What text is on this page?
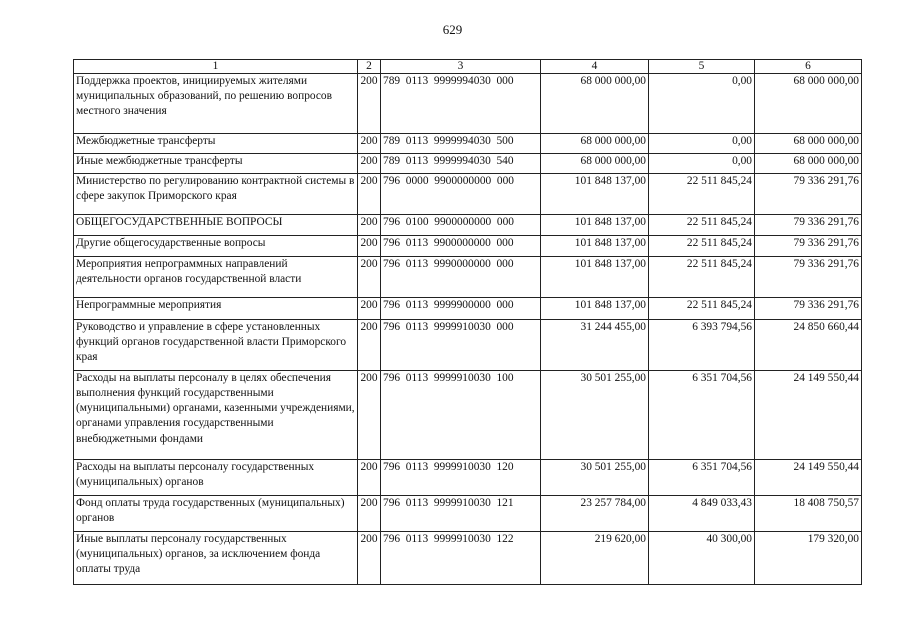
629
1	2	3	4	5	6
Поддержка проектов, инициируемых жителями муниципальных образований, по решению вопросов местного значения	200	789  0113  9999994030  000	68 000 000,00	0,00	68 000 000,00
Межбюджетные трансферты	200	789  0113  9999994030  500	68 000 000,00	0,00	68 000 000,00
Иные межбюджетные трансферты	200	789  0113  9999994030  540	68 000 000,00	0,00	68 000 000,00
Министерство по регулированию контрактной системы в сфере закупок Приморского края	200	796  0000  9900000000  000	101 848 137,00	22 511 845,24	79 336 291,76
ОБЩЕГОСУДАРСТВЕННЫЕ ВОПРОСЫ	200	796  0100  9900000000  000	101 848 137,00	22 511 845,24	79 336 291,76
Другие общегосударственные вопросы	200	796  0113  9900000000  000	101 848 137,00	22 511 845,24	79 336 291,76
Мероприятия непрограммных направлений деятельности органов государственной власти	200	796  0113  9990000000  000	101 848 137,00	22 511 845,24	79 336 291,76
Непрограммные мероприятия	200	796  0113  9999900000  000	101 848 137,00	22 511 845,24	79 336 291,76
Руководство и управление в сфере установленных функций органов государственной власти Приморского края	200	796  0113  9999910030  000	31 244 455,00	6 393 794,56	24 850 660,44
Расходы на выплаты персоналу в целях обеспечения выполнения функций государственными (муниципальными) органами, казенными учреждениями, органами управления государственными внебюджетными фондами	200	796  0113  9999910030  100	30 501 255,00	6 351 704,56	24 149 550,44
Расходы на выплаты персоналу государственных (муниципальных) органов	200	796  0113  9999910030  120	30 501 255,00	6 351 704,56	24 149 550,44
Фонд оплаты труда государственных (муниципальных) органов	200	796  0113  9999910030  121	23 257 784,00	4 849 033,43	18 408 750,57
Иные выплаты персоналу государственных (муниципальных) органов, за исключением фонда оплаты труда	200	796  0113  9999910030  122	219 620,00	40 300,00	179 320,00
